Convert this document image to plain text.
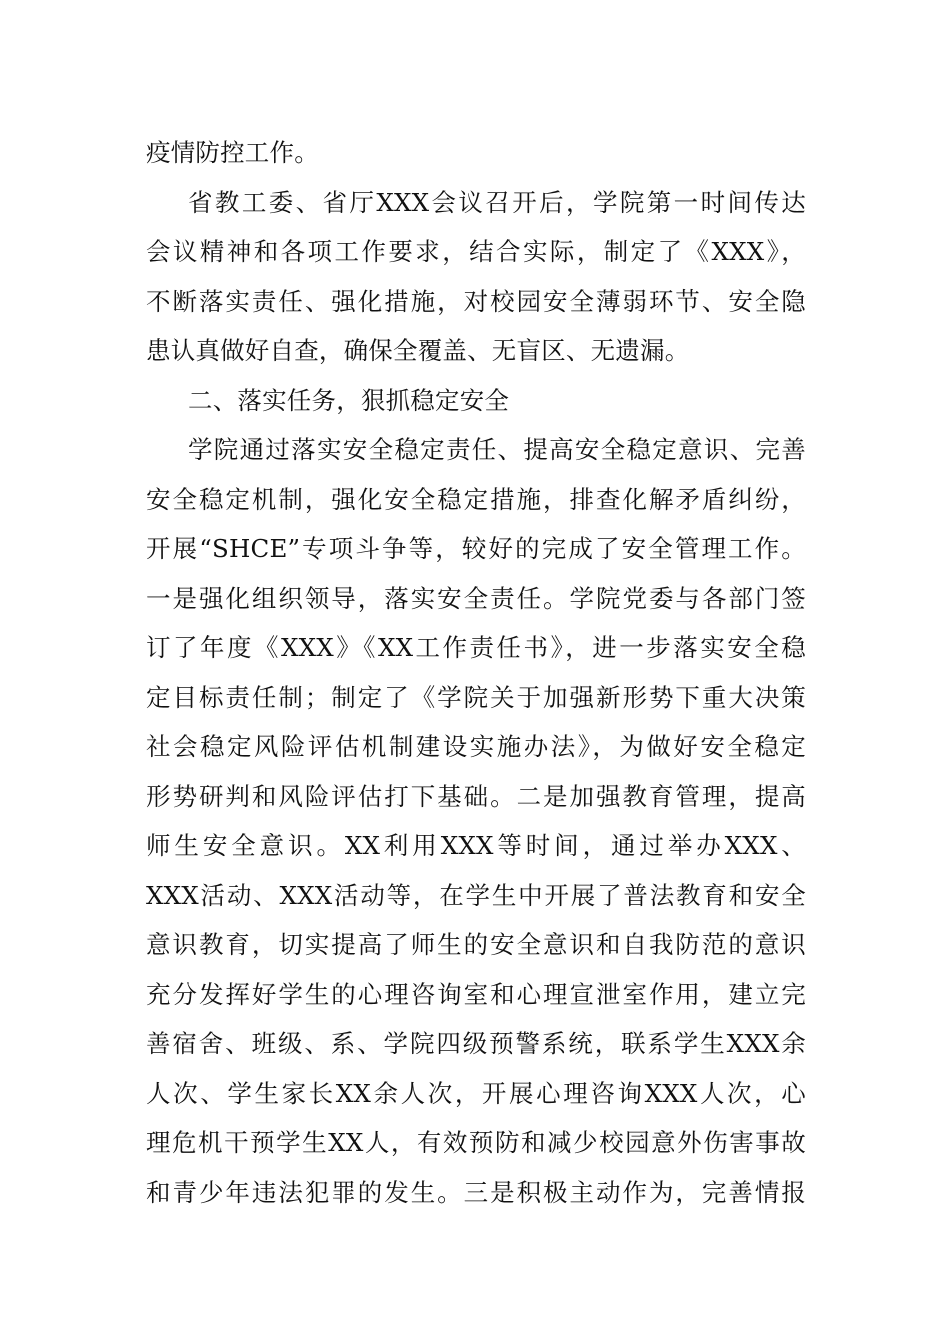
疫情防控工作。
省教工委、省厅XXX会议召开后，学院第一时间传达
会议精神和各项工作要求，结合实际，制定了《XXX》，
不断落实责任、强化措施，对校园安全薄弱环节、安全隐
患认真做好自查，确保全覆盖、无盲区、无遗漏。
二、落实任务，狠抓稳定安全
学院通过落实安全稳定责任、提高安全稳定意识、完善
安全稳定机制，强化安全稳定措施，排查化解矛盾纠纷，
开展“SHCE”专项斗争等，较好的完成了安全管理工作。
一是强化组织领导，落实安全责任。学院党委与各部门签
订了年度《XXX》《XX工作责任书》，进一步落实安全稳
定目标责任制；制定了《学院关于加强新形势下重大决策
社会稳定风险评估机制建设实施办法》，为做好安全稳定
形势研判和风险评估打下基础。二是加强教育管理，提高
师生安全意识。XX利用XXX等时间，通过举办XXX、
XXX活动、XXX活动等，在学生中开展了普法教育和安全
意识教育，切实提高了师生的安全意识和自我防范的意识
充分发挥好学生的心理咨询室和心理宣泄室作用，建立完
善宿舍、班级、系、学院四级预警系统，联系学生XXX余
人次、学生家长XX余人次，开展心理咨询XXX人次，心
理危机干预学生XX人，有效预防和减少校园意外伤害事故
和青少年违法犯罪的发生。三是积极主动作为，完善情报
